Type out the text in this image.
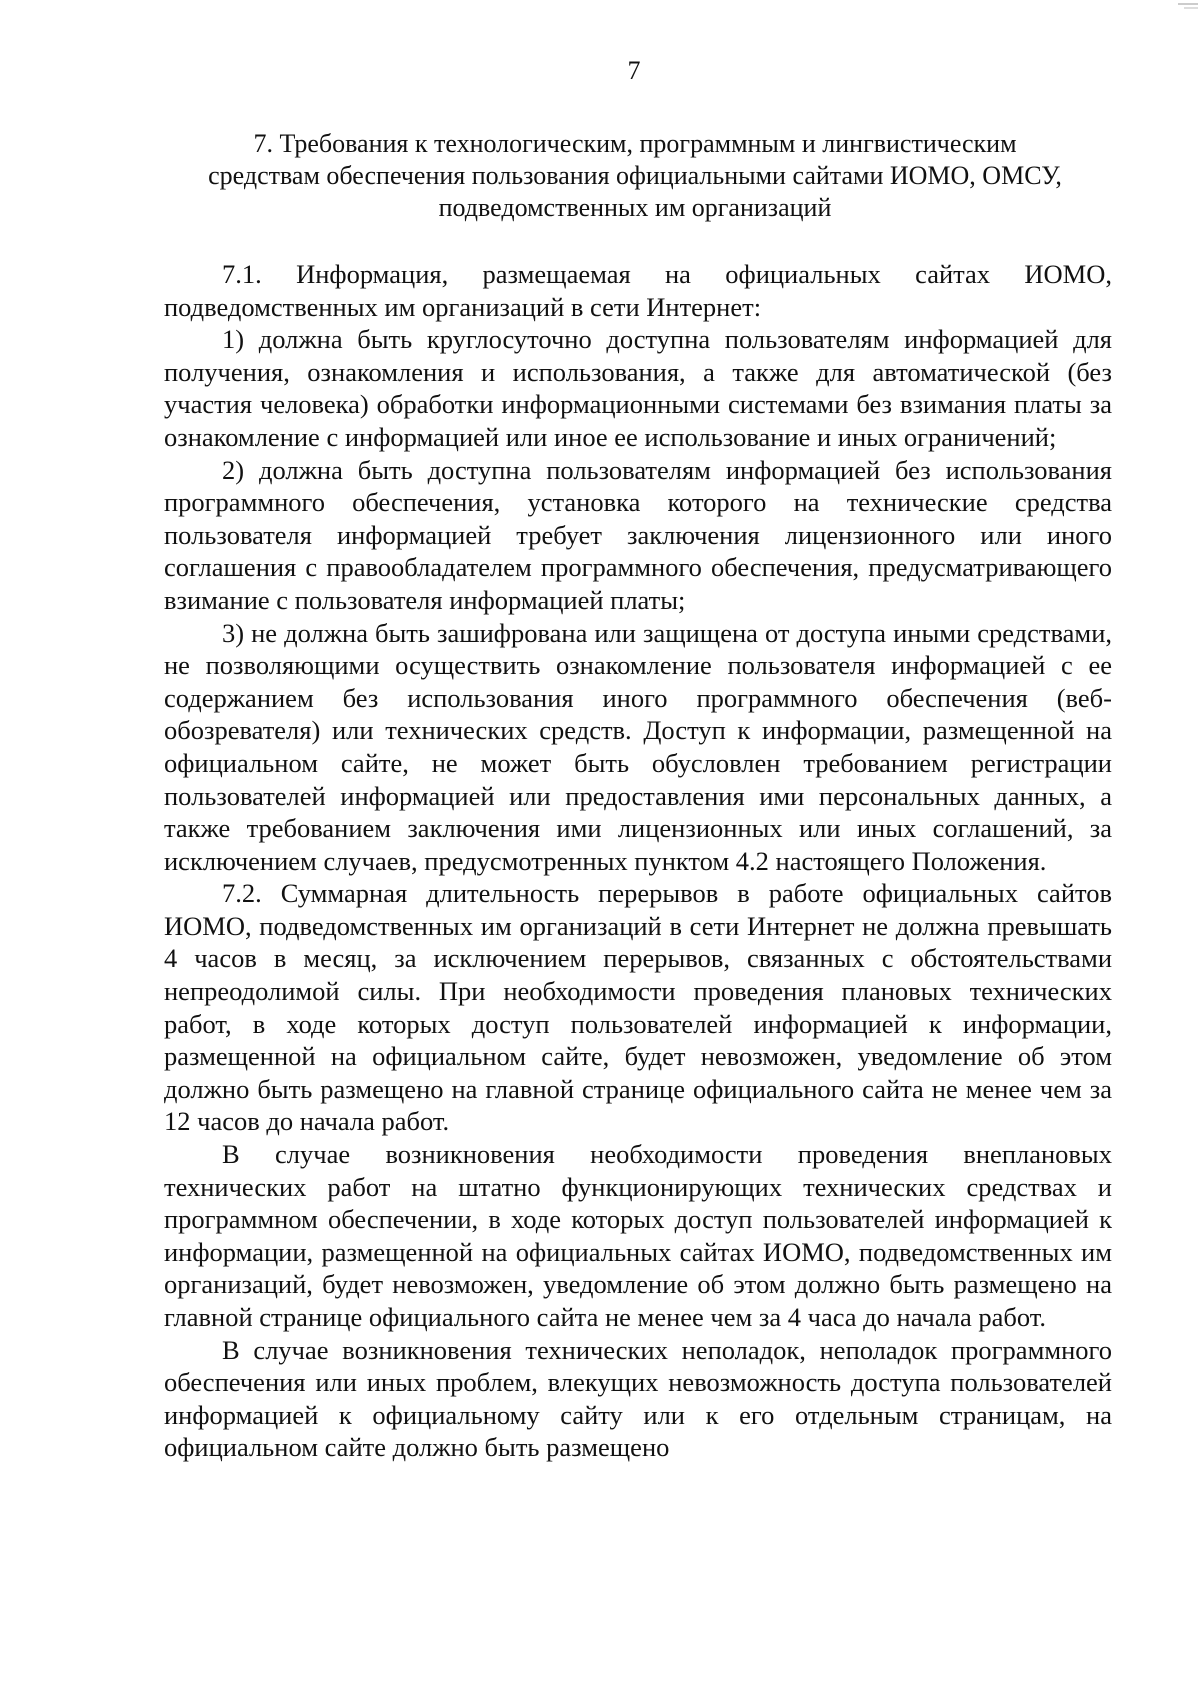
7
7. Требования к технологическим, программным и лингвистическим
средствам обеспечения пользования официальными сайтами ИОМО, ОМСУ,
подведомственных им организаций

7.1. Информация, размещаемая на официальных сайтах ИОМО, подведомственных им организаций в сети Интернет:

1) должна быть круглосуточно доступна пользователям информацией для получения, ознакомления и использования, а также для автоматической (без участия человека) обработки информационными системами без взимания платы за ознакомление с информацией или иное ее использование и иных ограничений;

2) должна быть доступна пользователям информацией без использования программного обеспечения, установка которого на технические средства пользователя информацией требует заключения лицензионного или иного соглашения с правообладателем программного обеспечения, предусматривающего взимание с пользователя информацией платы;

3) не должна быть зашифрована или защищена от доступа иными средствами, не позволяющими осуществить ознакомление пользователя информацией с ее содержанием без использования иного программного обеспечения (веб-обозревателя) или технических средств. Доступ к информации, размещенной на официальном сайте, не может быть обусловлен требованием регистрации пользователей информацией или предоставления ими персональных данных, а также требованием заключения ими лицензионных или иных соглашений, за исключением случаев, предусмотренных пунктом 4.2 настоящего Положения.

7.2. Суммарная длительность перерывов в работе официальных сайтов ИОМО, подведомственных им организаций в сети Интернет не должна превышать 4 часов в месяц, за исключением перерывов, связанных с обстоятельствами непреодолимой силы. При необходимости проведения плановых технических работ, в ходе которых доступ пользователей информацией к информации, размещенной на официальном сайте, будет невозможен, уведомление об этом должно быть размещено на главной странице официального сайта не менее чем за 12 часов до начала работ.

В случае возникновения необходимости проведения внеплановых технических работ на штатно функционирующих технических средствах и программном обеспечении, в ходе которых доступ пользователей информацией к информации, размещенной на официальных сайтах ИОМО, подведомственных им организаций, будет невозможен, уведомление об этом должно быть размещено на главной странице официального сайта не менее чем за 4 часа до начала работ.

В случае возникновения технических неполадок, неполадок программного обеспечения или иных проблем, влекущих невозможность доступа пользователей информацией к официальному сайту или к его отдельным страницам, на официальном сайте должно быть размещено
